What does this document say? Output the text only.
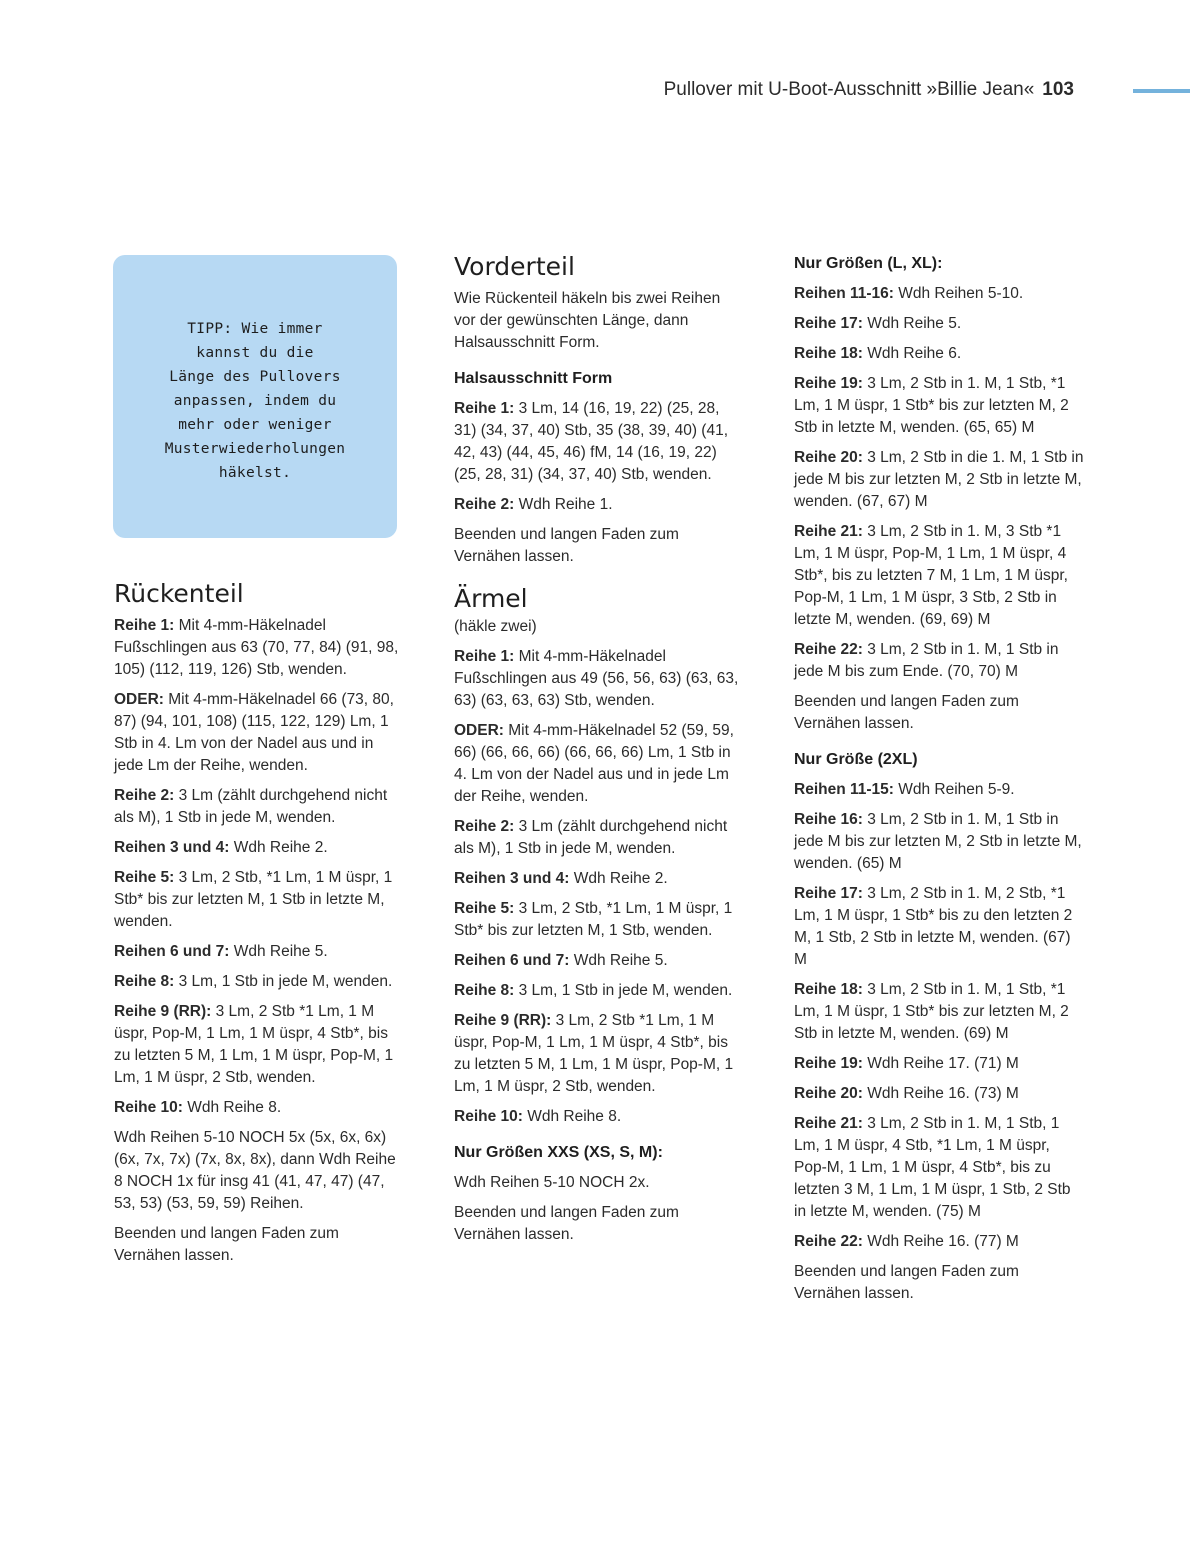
Pullover mit U-Boot-Ausschnitt »Billie Jean« 103
TIPP: Wie immer
kannst du die
Länge des Pullovers
anpassen, indem du
mehr oder weniger
Musterwiederholungen
häkelst.
Rückenteil

Reihe 1: Mit 4-mm-Häkelnadel Fußschlingen aus 63 (70, 77, 84) (91, 98, 105) (112, 119, 126) Stb, wenden.

ODER: Mit 4-mm-Häkelnadel 66 (73, 80, 87) (94, 101, 108) (115, 122, 129) Lm, 1 Stb in 4. Lm von der Nadel aus und in jede Lm der Reihe, wenden.

Reihe 2: 3 Lm (zählt durchgehend nicht als M), 1 Stb in jede M, wenden.

Reihen 3 und 4: Wdh Reihe 2.

Reihe 5: 3 Lm, 2 Stb, *1 Lm, 1 M üspr, 1 Stb* bis zur letzten M, 1 Stb in letzte M, wenden.

Reihen 6 und 7: Wdh Reihe 5.

Reihe 8: 3 Lm, 1 Stb in jede M, wenden.

Reihe 9 (RR): 3 Lm, 2 Stb *1 Lm, 1 M üspr, Pop-M, 1 Lm, 1 M üspr, 4 Stb*, bis zu letzten 5 M, 1 Lm, 1 M üspr, Pop-M, 1 Lm, 1 M üspr, 2 Stb, wenden.

Reihe 10: Wdh Reihe 8.

Wdh Reihen 5-10 NOCH 5x (5x, 6x, 6x) (6x, 7x, 7x) (7x, 8x, 8x), dann Wdh Reihe 8 NOCH 1x für insg 41 (41, 47, 47) (47, 53, 53) (53, 59, 59) Reihen.

Beenden und langen Faden zum Vernähen lassen.

Vorderteil

Wie Rückenteil häkeln bis zwei Reihen vor der gewünschten Länge, dann Halsausschnitt Form.

Halsausschnitt Form

Reihe 1: 3 Lm, 14 (16, 19, 22) (25, 28, 31) (34, 37, 40) Stb, 35 (38, 39, 40) (41, 42, 43) (44, 45, 46) fM, 14 (16, 19, 22) (25, 28, 31) (34, 37, 40) Stb, wenden.

Reihe 2: Wdh Reihe 1.

Beenden und langen Faden zum Vernähen lassen.

Ärmel

(häkle zwei)

Reihe 1: Mit 4-mm-Häkelnadel Fußschlingen aus 49 (56, 56, 63) (63, 63, 63) (63, 63, 63) Stb, wenden.

ODER: Mit 4-mm-Häkelnadel 52 (59, 59, 66) (66, 66, 66) (66, 66, 66) Lm, 1 Stb in 4. Lm von der Nadel aus und in jede Lm der Reihe, wenden.

Reihe 2: 3 Lm (zählt durchgehend nicht als M), 1 Stb in jede M, wenden.

Reihen 3 und 4: Wdh Reihe 2.

Reihe 5: 3 Lm, 2 Stb, *1 Lm, 1 M üspr, 1 Stb* bis zur letzten M, 1 Stb, wenden.

Reihen 6 und 7: Wdh Reihe 5.

Reihe 8: 3 Lm, 1 Stb in jede M, wenden.

Reihe 9 (RR): 3 Lm, 2 Stb *1 Lm, 1 M üspr, Pop-M, 1 Lm, 1 M üspr, 4 Stb*, bis zu letzten 5 M, 1 Lm, 1 M üspr, Pop-M, 1 Lm, 1 M üspr, 2 Stb, wenden.

Reihe 10: Wdh Reihe 8.

Nur Größen XXS (XS, S, M):

Wdh Reihen 5-10 NOCH 2x.

Beenden und langen Faden zum Vernähen lassen.

Nur Größen (L, XL):

Reihen 11-16: Wdh Reihen 5-10.

Reihe 17: Wdh Reihe 5.

Reihe 18: Wdh Reihe 6.

Reihe 19: 3 Lm, 2 Stb in 1. M, 1 Stb, *1 Lm, 1 M üspr, 1 Stb* bis zur letzten M, 2 Stb in letzte M, wenden. (65, 65) M

Reihe 20: 3 Lm, 2 Stb in die 1. M, 1 Stb in jede M bis zur letzten M, 2 Stb in letzte M, wenden. (67, 67) M

Reihe 21: 3 Lm, 2 Stb in 1. M, 3 Stb *1 Lm, 1 M üspr, Pop-M, 1 Lm, 1 M üspr, 4 Stb*, bis zu letzten 7 M, 1 Lm, 1 M üspr, Pop-M, 1 Lm, 1 M üspr, 3 Stb, 2 Stb in letzte M, wenden. (69, 69) M

Reihe 22: 3 Lm, 2 Stb in 1. M, 1 Stb in jede M bis zum Ende. (70, 70) M

Beenden und langen Faden zum Vernähen lassen.

Nur Größe (2XL)

Reihen 11-15: Wdh Reihen 5-9.

Reihe 16: 3 Lm, 2 Stb in 1. M, 1 Stb in jede M bis zur letzten M, 2 Stb in letzte M, wenden. (65) M

Reihe 17: 3 Lm, 2 Stb in 1. M, 2 Stb, *1 Lm, 1 M üspr, 1 Stb* bis zu den letzten 2 M, 1 Stb, 2 Stb in letzte M, wenden. (67) M

Reihe 18: 3 Lm, 2 Stb in 1. M, 1 Stb, *1 Lm, 1 M üspr, 1 Stb* bis zur letzten M, 2 Stb in letzte M, wenden. (69) M

Reihe 19: Wdh Reihe 17. (71) M

Reihe 20: Wdh Reihe 16. (73) M

Reihe 21: 3 Lm, 2 Stb in 1. M, 1 Stb, 1 Lm, 1 M üspr, 4 Stb, *1 Lm, 1 M üspr, Pop-M, 1 Lm, 1 M üspr, 4 Stb*, bis zu letzten 3 M, 1 Lm, 1 M üspr, 1 Stb, 2 Stb in letzte M, wenden. (75) M

Reihe 22: Wdh Reihe 16. (77) M

Beenden und langen Faden zum Vernähen lassen.
